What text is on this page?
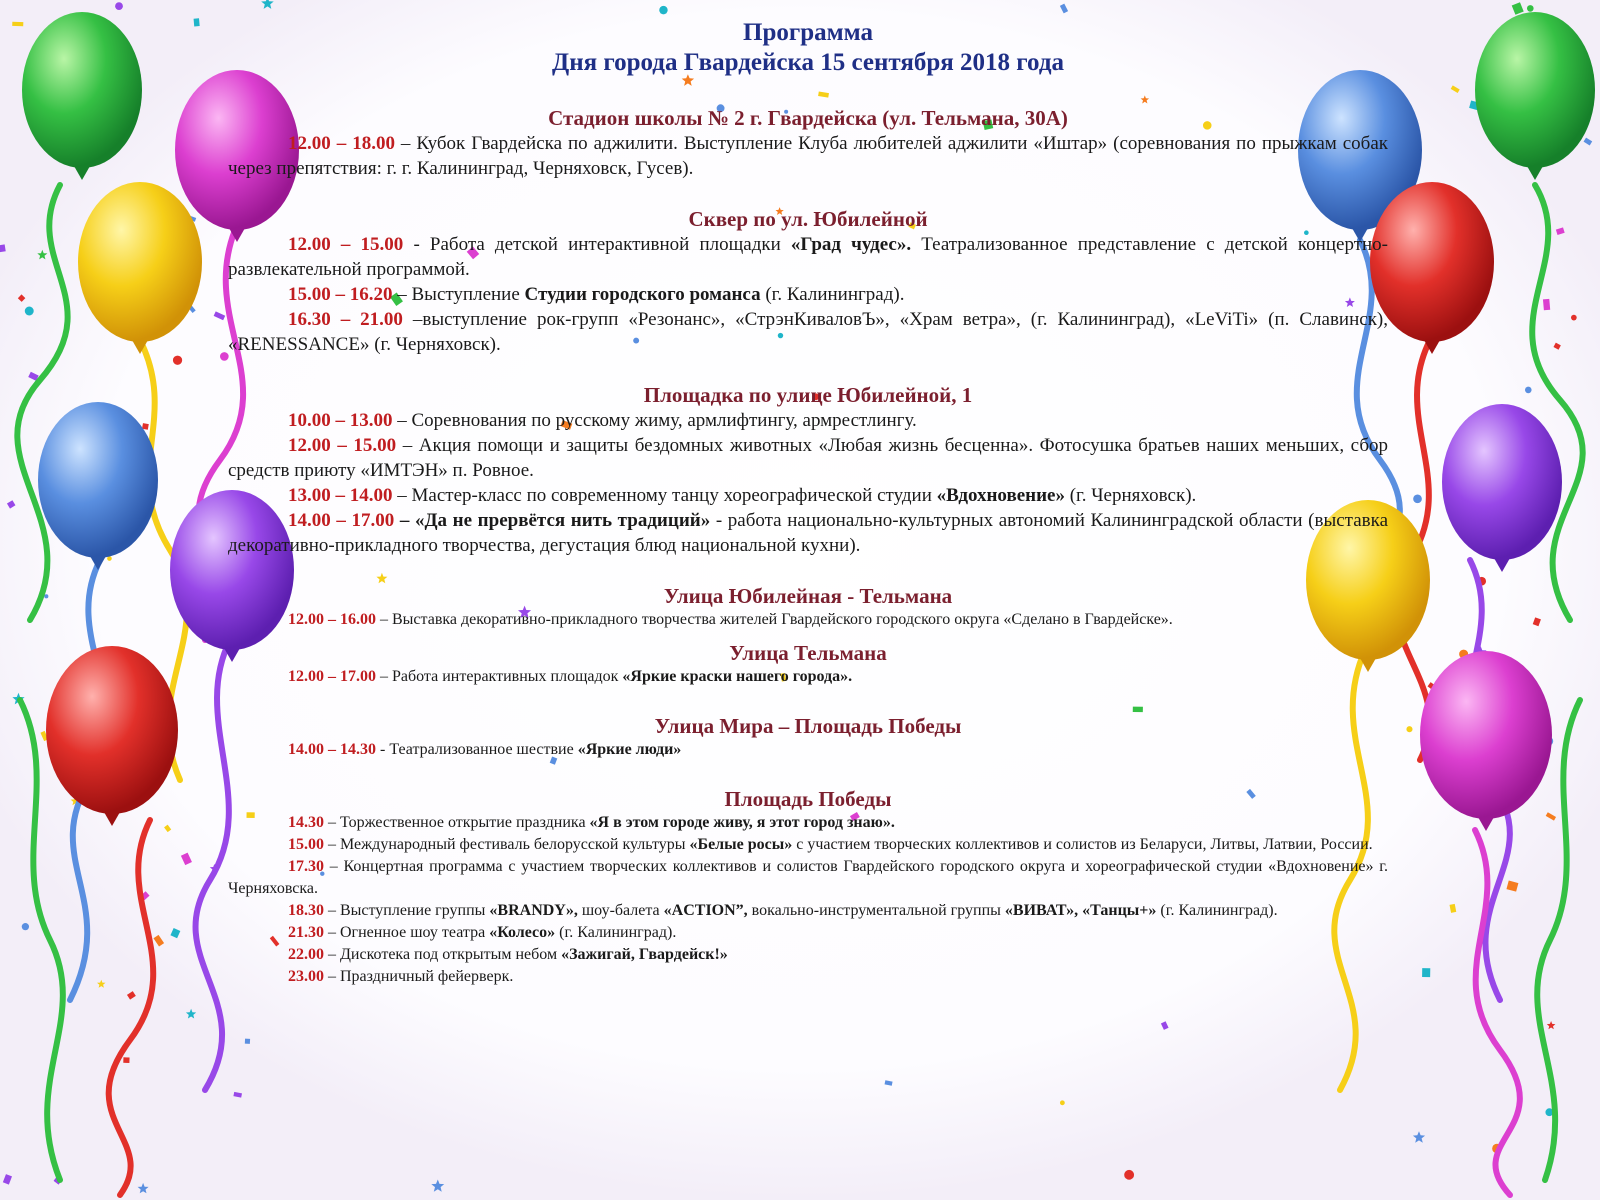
Программа
Дня города Гвардейска 15 сентября 2018 года
Стадион школы № 2 г. Гвардейска (ул. Тельмана, 30А)

12.00 – 18.00 – Кубок Гвардейска по аджилити. Выступление Клуба любителей аджилити «Иштар» (соревнования по прыжкам собак через препятствия: г. г. Калининград, Черняховск, Гусев).

Сквер по ул. Юбилейной

12.00 – 15.00 - Работа детской интерактивной площадки «Град чудес». Театрализованное представление с детской концертно-развлекательной программой.

15.00 – 16.20 – Выступление Студии городского романса (г. Калининград).

16.30 – 21.00 –выступление рок-групп «Резонанс», «СтрэнКиваловЪ», «Храм ветра», (г. Калининград), «LeViTi» (п. Славинск), «RENESSANCE» (г. Черняховск).

Площадка по улице Юбилейной, 1

10.00 – 13.00 – Соревнования по русскому жиму, армлифтингу, армрестлингу.

12.00 – 15.00 – Акция помощи и защиты бездомных животных «Любая жизнь бесценна». Фотосушка братьев наших меньших, сбор средств приюту «ИМТЭН» п. Ровное.

13.00 – 14.00 – Мастер-класс по современному танцу хореографической студии «Вдохновение» (г. Черняховск).

14.00 – 17.00 – «Да не прервётся нить традиций» - работа национально-культурных автономий Калининградской области (выставка декоративно-прикладного творчества, дегустация блюд национальной кухни).

Улица Юбилейная - Тельмана

12.00 – 16.00 – Выставка декоративно-прикладного творчества жителей Гвардейского городского округа «Сделано в Гвардейске».

Улица Тельмана

12.00 – 17.00 – Работа интерактивных площадок «Яркие краски нашего города».

Улица Мира – Площадь Победы

14.00 – 14.30 - Театрализованное шествие «Яркие люди»

Площадь Победы

14.30 – Торжественное открытие праздника «Я в этом городе живу, я этот город знаю».

15.00 – Международный фестиваль белорусской культуры «Белые росы» с участием творческих коллективов и солистов из Беларуси, Литвы, Латвии, России.

17.30 – Концертная программа с участием творческих коллективов и солистов Гвардейского городского округа и хореографической студии «Вдохновение» г. Черняховска.

18.30 – Выступление группы «BRANDY», шоу-балета «ACTION”, вокально-инструментальной группы «ВИВАТ», «Танцы+» (г. Калининград).

21.30 – Огненное шоу театра «Колесо» (г. Калининград).

22.00 – Дискотека под открытым небом «Зажигай, Гвардейск!»

23.00 – Праздничный фейерверк.
